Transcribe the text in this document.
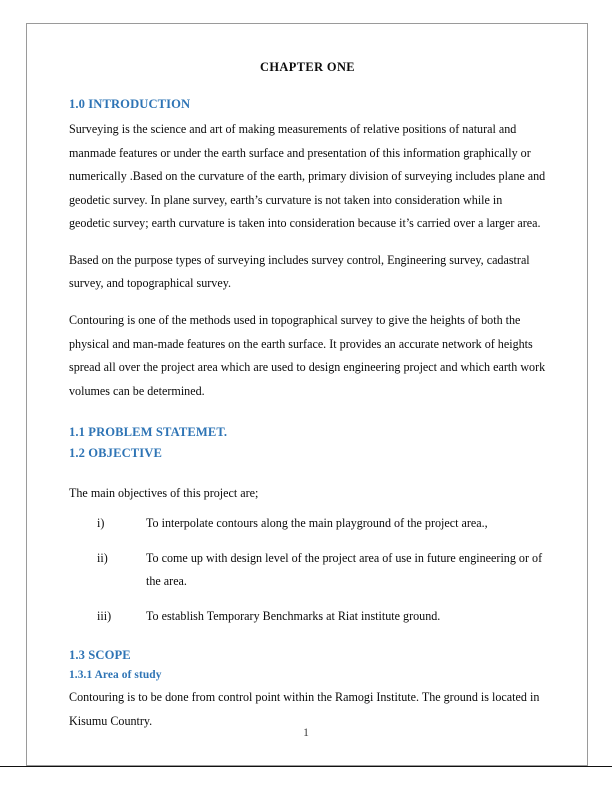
CHAPTER ONE
1.0 INTRODUCTION

Surveying is the science and art of making measurements of relative positions of natural and manmade features or under the earth surface and presentation of this information graphically or numerically .Based on the curvature of the earth, primary division of surveying includes plane and geodetic survey. In plane survey, earth’s curvature is not taken into consideration while in geodetic survey; earth curvature is taken into consideration because it’s carried over a larger area.

Based on the purpose types of surveying includes survey control, Engineering survey, cadastral survey, and topographical survey.

Contouring is one of the methods used in topographical survey to give the heights of both the physical and man-made features on the earth surface. It provides an accurate network of heights spread all over the project area which are used to design engineering project and which earth work volumes can be determined.

1.1 PROBLEM STATEMET.
1.2 OBJECTIVE

The main objectives of this project are;

i)	To interpolate contours along the main playground of the project area.,
ii)	To come up with design level of the project area of use in future engineering or of the area.
iii)	To establish Temporary Benchmarks at Riat institute ground.
1.3 SCOPE
1.3.1 Area of study

Contouring is to be done from control point within the Ramogi Institute. The ground is located in Kisumu Country.

1
